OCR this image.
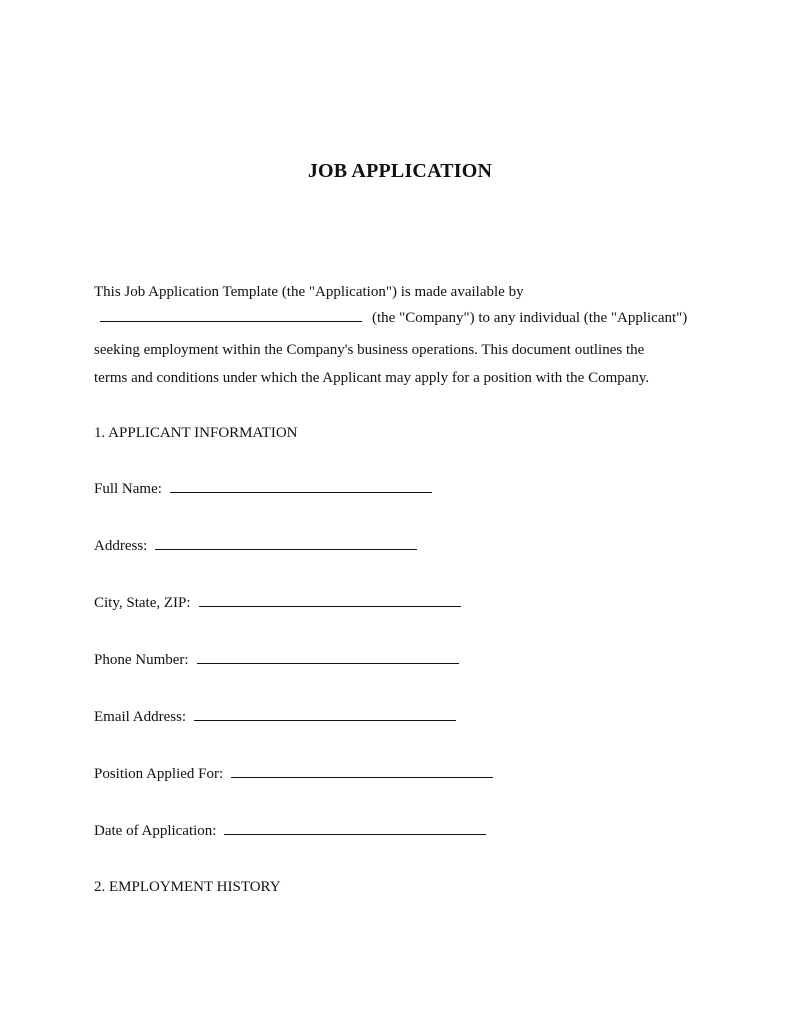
JOB APPLICATION
This Job Application Template (the "Application") is made available by
(the "Company") to any individual (the "Applicant")
seeking employment within the Company's business operations. This document outlines the
terms and conditions under which the Applicant may apply for a position with the Company.
1. APPLICANT INFORMATION
Full Name:
Address:
City, State, ZIP:
Phone Number:
Email Address:
Position Applied For:
Date of Application:
2. EMPLOYMENT HISTORY
